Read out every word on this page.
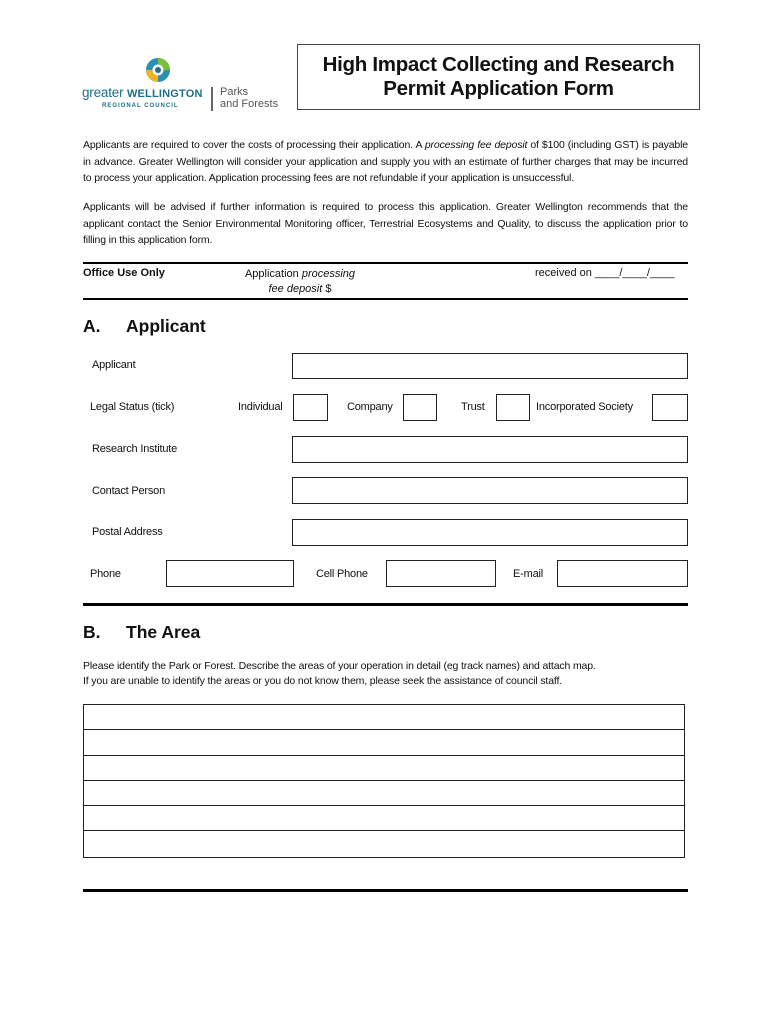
greater WELLINGTON
REGIONAL COUNCIL
Parks
and Forests
High Impact Collecting and Research
Permit Application Form
Applicants are required to cover the costs of processing their application. A processing fee deposit of $100 (including GST) is payable in advance. Greater Wellington will consider your application and supply you with an estimate of further charges that may be incurred to process your application. Application processing fees are not refundable if your application is unsuccessful.
Applicants will be advised if further information is required to process this application. Greater Wellington recommends that the applicant contact the Senior Environmental Monitoring officer, Terrestrial Ecosystems and Quality, to discuss the application prior to filling in this application form.
Office Use Only	Application processing
fee deposit $
received on ____/____/____
A. Applicant
Applicant
Legal Status (tick)	Individual	Company	Trust	Incorporated Society
Research Institute
Contact Person
Postal Address
Phone	Cell Phone	E-mail
B. The Area
Please identify the Park or Forest. Describe the areas of your operation in detail (eg track names) and attach map.
If you are unable to identify the areas or you do not know them, please seek the assistance of council staff.
